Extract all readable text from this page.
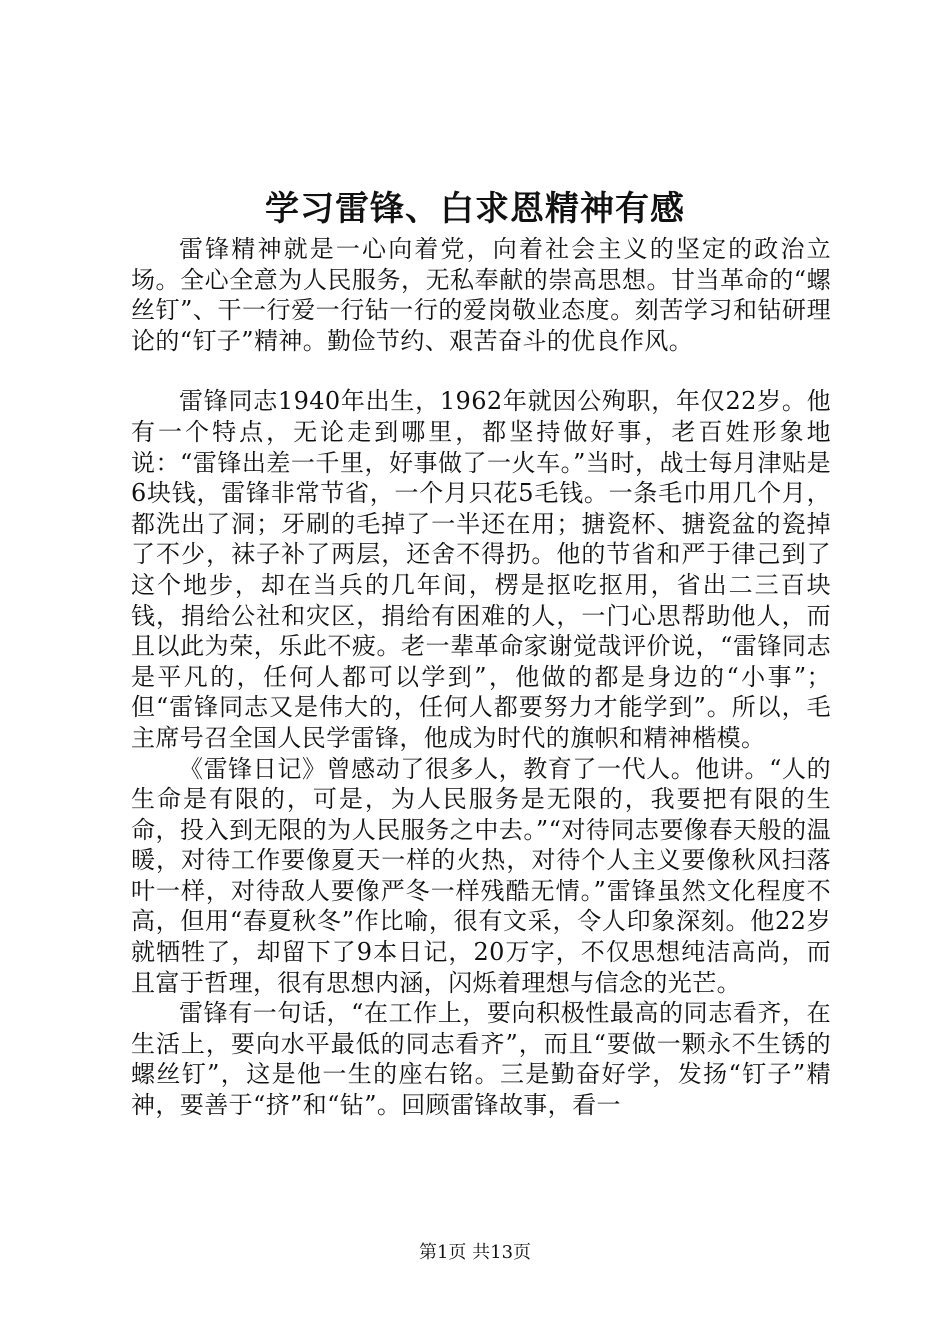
学习雷锋、白求恩精神有感

雷锋精神就是一心向着党，向着社会主义的坚定的政治立场。全心全意为人民服务，无私奉献的崇高思想。甘当革命的“螺丝钉”、干一行爱一行钻一行的爱岗敬业态度。刻苦学习和钻研理论的“钉子”精神。勤俭节约、艰苦奋斗的优良作风。

雷锋同志1940年出生，1962年就因公殉职，年仅22岁。他有一个特点，无论走到哪里，都坚持做好事，老百姓形象地说：“雷锋出差一千里，好事做了一火车。”当时，战士每月津贴是6块钱，雷锋非常节省，一个月只花5毛钱。一条毛巾用几个月，都洗出了洞；牙刷的毛掉了一半还在用；搪瓷杯、搪瓷盆的瓷掉了不少，袜子补了两层，还舍不得扔。他的节省和严于律己到了这个地步，却在当兵的几年间，楞是抠吃抠用，省出二三百块钱，捐给公社和灾区，捐给有困难的人，一门心思帮助他人，而且以此为荣，乐此不疲。老一辈革命家谢觉哉评价说，“雷锋同志是平凡的，任何人都可以学到”，他做的都是身边的“小事”；但“雷锋同志又是伟大的，任何人都要努力才能学到”。所以，毛主席号召全国人民学雷锋，他成为时代的旗帜和精神楷模。

《雷锋日记》曾感动了很多人，教育了一代人。他讲。“人的生命是有限的，可是，为人民服务是无限的，我要把有限的生命，投入到无限的为人民服务之中去。”“对待同志要像春天般的温暖，对待工作要像夏天一样的火热，对待个人主义要像秋风扫落叶一样，对待敌人要像严冬一样残酷无情。”雷锋虽然文化程度不高，但用“春夏秋冬”作比喻，很有文采，令人印象深刻。他22岁就牺牲了，却留下了9本日记，20万字，不仅思想纯洁高尚，而且富于哲理，很有思想内涵，闪烁着理想与信念的光芒。

雷锋有一句话，“在工作上，要向积极性最高的同志看齐，在生活上，要向水平最低的同志看齐”，而且“要做一颗永不生锈的螺丝钉”，这是他一生的座右铭。三是勤奋好学，发扬“钉子”精神，要善于“挤”和“钻”。回顾雷锋故事，看一

第1页 共13页
